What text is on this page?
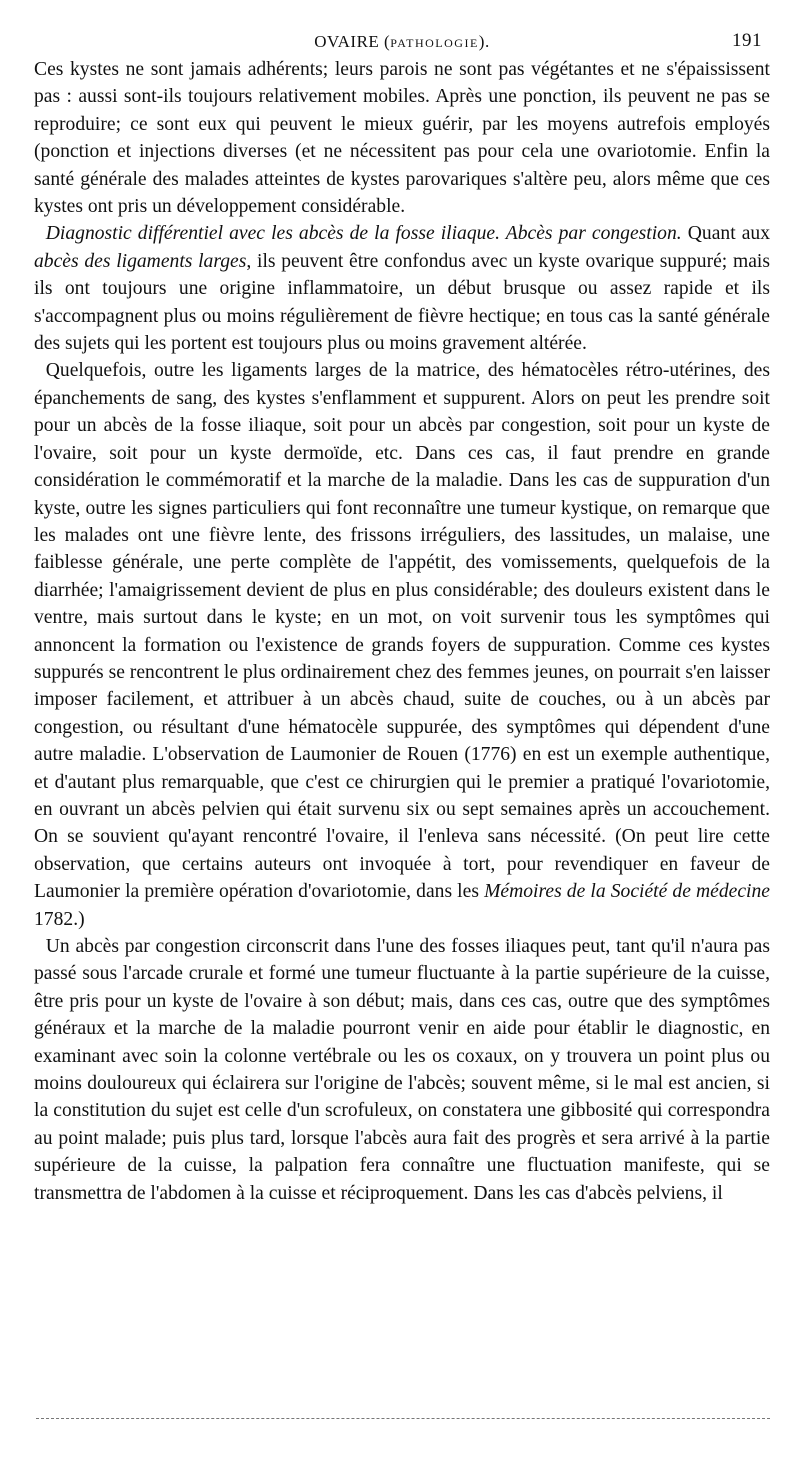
OVAIRE (PATHOLOGIE).	191

Ces kystes ne sont jamais adhérents; leurs parois ne sont pas végétantes et ne s'épaississent pas : aussi sont-ils toujours relativement mobiles. Après une ponction, ils peuvent ne pas se reproduire; ce sont eux qui peuvent le mieux guérir, par les moyens autrefois employés (ponction et injections diverses (et ne nécessitent pas pour cela une ovariotomie. Enfin la santé générale des malades atteintes de kystes parovariques s'altère peu, alors même que ces kystes ont pris un développement considérable.

Diagnostic différentiel avec les abcès de la fosse iliaque. Abcès par congestion. Quant aux abcès des ligaments larges, ils peuvent être confondus avec un kyste ovarique suppuré; mais ils ont toujours une origine inflammatoire, un début brusque ou assez rapide et ils s'accompagnent plus ou moins régulièrement de fièvre hectique; en tous cas la santé générale des sujets qui les portent est toujours plus ou moins gravement altérée.

Quelquefois, outre les ligaments larges de la matrice, des hématocèles rétro-utérines, des épanchements de sang, des kystes s'enflamment et suppurent. Alors on peut les prendre soit pour un abcès de la fosse iliaque, soit pour un abcès par congestion, soit pour un kyste de l'ovaire, soit pour un kyste dermoïde, etc. Dans ces cas, il faut prendre en grande considération le commémoratif et la marche de la maladie. Dans les cas de suppuration d'un kyste, outre les signes particuliers qui font reconnaître une tumeur kystique, on remarque que les malades ont une fièvre lente, des frissons irréguliers, des lassitudes, un malaise, une faiblesse générale, une perte complète de l'appétit, des vomissements, quelquefois de la diarrhée; l'amaigrissement devient de plus en plus considérable; des douleurs existent dans le ventre, mais surtout dans le kyste; en un mot, on voit survenir tous les symptômes qui annoncent la formation ou l'existence de grands foyers de suppuration. Comme ces kystes suppurés se rencontrent le plus ordinairement chez des femmes jeunes, on pourrait s'en laisser imposer facilement, et attribuer à un abcès chaud, suite de couches, ou à un abcès par congestion, ou résultant d'une hématocèle suppurée, des symptômes qui dépendent d'une autre maladie. L'observation de Laumonier de Rouen (1776) en est un exemple authentique, et d'autant plus remarquable, que c'est ce chirurgien qui le premier a pratiqué l'ovariotomie, en ouvrant un abcès pelvien qui était survenu six ou sept semaines après un accouchement. On se souvient qu'ayant rencontré l'ovaire, il l'enleva sans nécessité. (On peut lire cette observation, que certains auteurs ont invoquée à tort, pour revendiquer en faveur de Laumonier la première opération d'ovariotomie, dans les Mémoires de la Société de médecine 1782.)

Un abcès par congestion circonscrit dans l'une des fosses iliaques peut, tant qu'il n'aura pas passé sous l'arcade crurale et formé une tumeur fluctuante à la partie supérieure de la cuisse, être pris pour un kyste de l'ovaire à son début; mais, dans ces cas, outre que des symptômes généraux et la marche de la maladie pourront venir en aide pour établir le diagnostic, en examinant avec soin la colonne vertébrale ou les os coxaux, on y trouvera un point plus ou moins douloureux qui éclairera sur l'origine de l'abcès; souvent même, si le mal est ancien, si la constitution du sujet est celle d'un scrofuleux, on constatera une gibbosité qui correspondra au point malade; puis plus tard, lorsque l'abcès aura fait des progrès et sera arrivé à la partie supérieure de la cuisse, la palpation fera connaître une fluctuation manifeste, qui se transmettra de l'abdomen à la cuisse et réciproquement. Dans les cas d'abcès pelviens, il
